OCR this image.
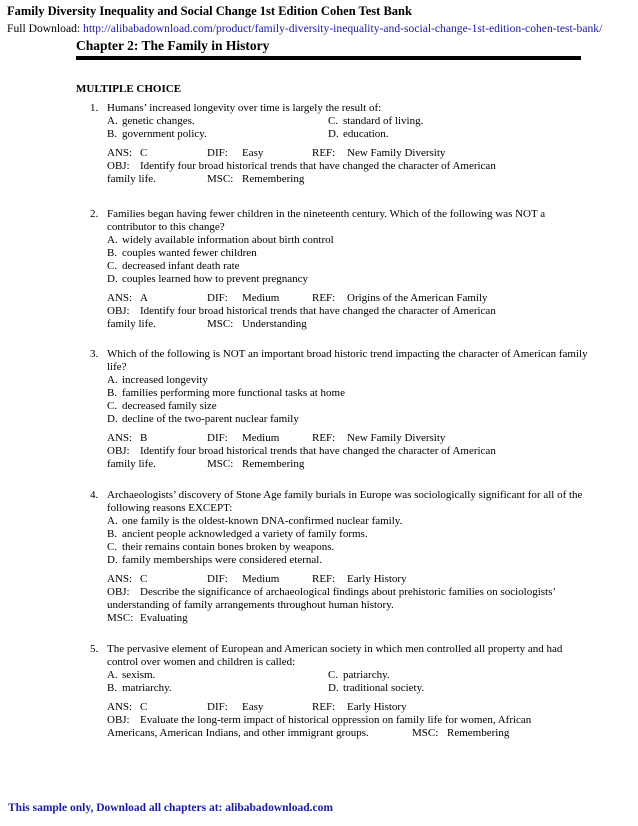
Family Diversity Inequality and Social Change 1st Edition Cohen Test Bank
Full Download: http://alibabadownload.com/product/family-diversity-inequality-and-social-change-1st-edition-cohen-test-bank/
Chapter 2: The Family in History
MULTIPLE CHOICE
1. Humans’ increased longevity over time is largely the result of:
A. genetic changes.	C. standard of living.
B. government policy.	D. education.
ANS: C	DIF: Easy	REF: New Family Diversity
OBJ: Identify four broad historical trends that have changed the character of American
family life.	MSC: Remembering
2. Families began having fewer children in the nineteenth century. Which of the following was NOT a contributor to this change?
A. widely available information about birth control
B. couples wanted fewer children
C. decreased infant death rate
D. couples learned how to prevent pregnancy
ANS: A	DIF: Medium	REF: Origins of the American Family
OBJ: Identify four broad historical trends that have changed the character of American
family life.	MSC: Understanding
3. Which of the following is NOT an important broad historic trend impacting the character of American family life?
A. increased longevity
B. families performing more functional tasks at home
C. decreased family size
D. decline of the two-parent nuclear family
ANS: B	DIF: Medium	REF: New Family Diversity
OBJ: Identify four broad historical trends that have changed the character of American
family life.	MSC: Remembering
4. Archaeologists’ discovery of Stone Age family burials in Europe was sociologically significant for all of the following reasons EXCEPT:
A. one family is the oldest-known DNA-confirmed nuclear family.
B. ancient people acknowledged a variety of family forms.
C. their remains contain bones broken by weapons.
D. family memberships were considered eternal.
ANS: C	DIF: Medium	REF: Early History
OBJ: Describe the significance of archaeological findings about prehistoric families on sociologists’
understanding of family arrangements throughout human history.
MSC: Evaluating
5. The pervasive element of European and American society in which men controlled all property and had control over women and children is called:
A. sexism.	C. patriarchy.
B. matriarchy.	D. traditional society.
ANS: C	DIF: Easy	REF: Early History
OBJ: Evaluate the long-term impact of historical oppression on family life for women, African
Americans, American Indians, and other immigrant groups.	MSC: Remembering
This sample only, Download all chapters at: alibabadownload.com
